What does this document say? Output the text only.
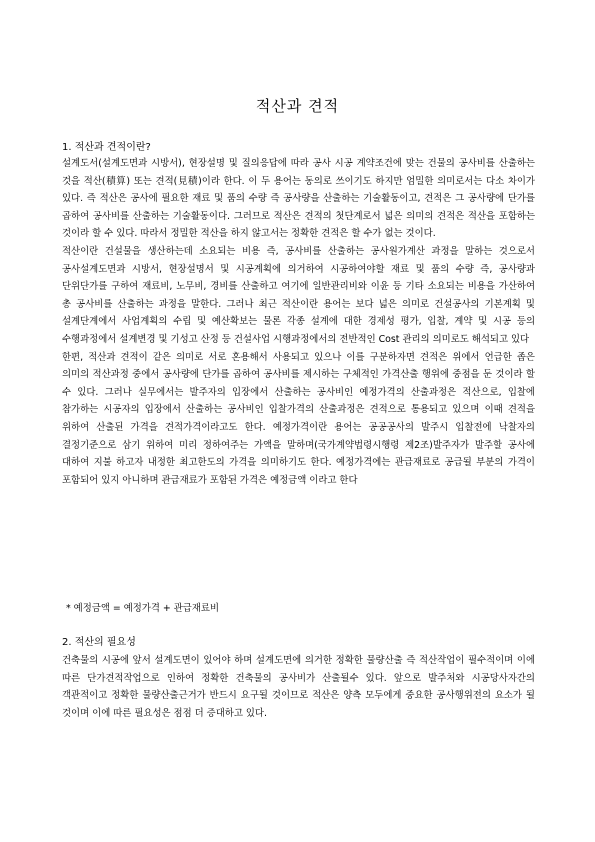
적산과 견적
1. 적산과 견적이란?

설계도서(설계도면과 시방서), 현장설명 및 질의응답에 따라 공사 시공 계약조건에 맞는 건물의 공사비를 산출하는 것을 적산(積算) 또는 견적(見積)이라 한다. 이 두 용어는 동의로 쓰이기도 하지만 엄밀한 의미로서는 다소 차이가 있다. 즉 적산은 공사에 필요한 재료 및 품의 수량 즉 공사량을 산출하는 기술활동이고, 견적은 그 공사량에 단가를 곱하여 공사비를 산출하는 기술활동이다. 그러므로 적산은 견적의 첫단계로서 넓은 의미의 견적은 적산을 포함하는 것이라 할 수 있다. 따라서 정밀한 적산을 하지 않고서는 정확한 견적은 할 수가 없는 것이다.

적산이란 건설물을 생산하는데 소요되는 비용 즉, 공사비를 산출하는 공사원가계산 과정을 말하는 것으로서 공사설계도면과 시방서, 현장설명서 및 시공계획에 의거하여 시공하여야할 재료 및 품의 수량 즉, 공사량과 단위단가를 구하여 재료비, 노무비, 경비를 산출하고 여기에 일반관리비와 이윤 등 기타 소요되는 비용을 가산하여 총 공사비를 산출하는 과정을 말한다. 그러나 최근 적산이란 용어는 보다 넓은 의미로 건설공사의 기본계획 및 설계단계에서 사업계획의 수립 및 예산확보는 물론 각종 설계에 대한 경제성 평가, 입찰, 계약 및 시공 등의 수행과정에서 설계변경 및 기성고 산정 등 건설사업 시행과정에서의 전반적인 Cost 관리의 의미로도 해석되고 있다

한편, 적산과 견적이 같은 의미로 서로 혼용해서 사용되고 있으나 이를 구분하자면 견적은 위에서 언급한 좁은 의미의 적산과정 중에서 공사량에 단가를 곱하여 공사비를 제시하는 구체적인 가격산출 행위에 중점을 둔 것이라 할 수 있다. 그러나 실무에서는 발주자의 입장에서 산출하는 공사비인 예정가격의 산출과정은 적산으로, 입찰에 참가하는 시공자의 입장에서 산출하는 공사비인 입찰가격의 산출과정은 견적으로 통용되고 있으며 이때 견적을 위하여 산출된 가격을 견적가격이라고도 한다. 예정가격이란 용어는 공공공사의 발주시 입찰전에 낙찰자의 결정기준으로 삼기 위하여 미리 정하여주는 가액을 말하며(국가계약법령시행령 제2조)발주자가 발주할 공사에 대하여 지불 하고자 내정한 최고한도의 가격을 의미하기도 한다. 예정가격에는 관급재료로 공급될 부분의 가격이 포함되어 있지 아니하며 관급재료가 포함된 가격은 예정금액 이라고 한다

* 예정금액 = 예정가격 + 관급재료비
2. 적산의 필요성

건축물의 시공에 앞서 설계도면이 있어야 하며 설계도면에 의거한 정확한 물량산출 즉 적산작업이 필수적이며 이에 따른 단가견적작업으로 인하여 정확한 건축물의 공사비가 산출될수 있다. 앞으로 발주처와 시공당사자간의 객관적이고 정확한 물량산출근거가 반드시 요구될 것이므로 적산은 양측 모두에게 중요한 공사행위전의 요소가 될 것이며 이에 따른 필요성은 점점 더 증대하고 있다.
